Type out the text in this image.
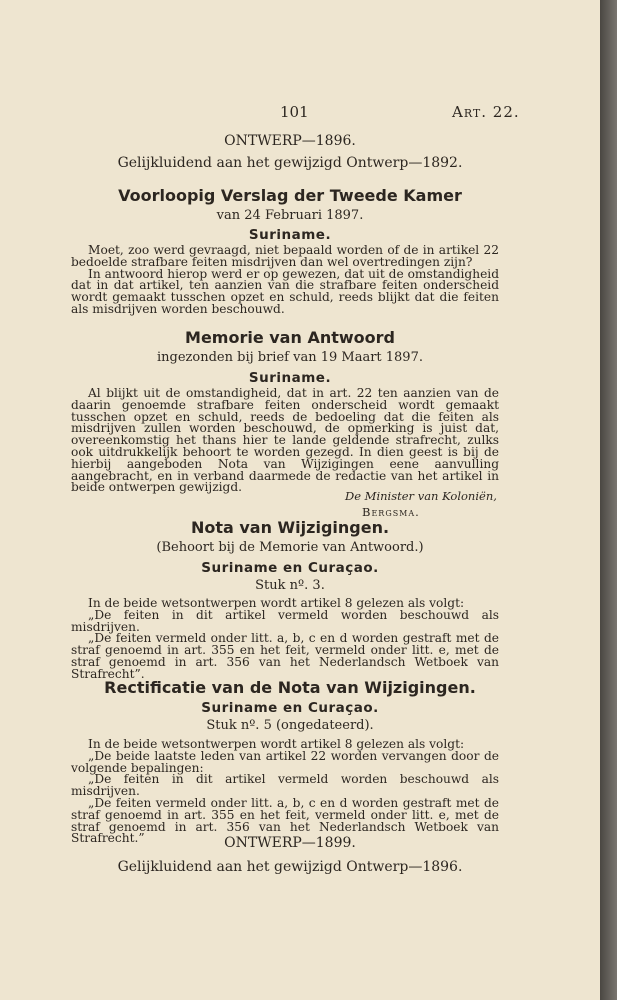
101	Art. 22.
ONTWERP—1896.
Gelijkluidend aan het gewijzigd Ontwerp—1892.
Voorloopig Verslag der Tweede Kamer
van 24 Februari 1897.
Suriname.

Moet, zoo werd gevraagd, niet bepaald worden of de in artikel 22 bedoelde strafbare feiten misdrijven dan wel overtredingen zijn?

In antwoord hierop werd er op gewezen, dat uit de omstandigheid dat in dat artikel, ten aanzien van die strafbare feiten onderscheid wordt gemaakt tusschen opzet en schuld, reeds blijkt dat die feiten als misdrijven worden beschouwd.

Memorie van Antwoord
ingezonden bij brief van 19 Maart 1897.
Suriname.

Al blijkt uit de omstandigheid, dat in art. 22 ten aanzien van de daarin genoemde strafbare feiten onderscheid wordt gemaakt tusschen opzet en schuld, reeds de bedoeling dat die feiten als misdrijven zullen worden beschouwd, de opmerking is juist dat, overeenkomstig het thans hier te lande geldende strafrecht, zulks ook uitdrukkelijk behoort te worden gezegd. In dien geest is bij de hierbij aangeboden Nota van Wijzigingen eene aanvulling aangebracht, en in verband daarmede de redactie van het artikel in beide ontwerpen gewijzigd.

De Minister van Koloniën,
Bergsma.
Nota van Wijzigingen.
(Behoort bij de Memorie van Antwoord.)
Suriname en Curaçao.
Stuk nº. 3.

In de beide wetsontwerpen wordt artikel 8 gelezen als volgt:

„De feiten in dit artikel vermeld worden beschouwd als misdrijven.

„De feiten vermeld onder litt. a, b, c en d worden gestraft met de straf genoemd in art. 355 en het feit, vermeld onder litt. e, met de straf genoemd in art. 356 van het Nederlandsch Wetboek van Strafrecht”.

Rectificatie van de Nota van Wijzigingen.
Suriname en Curaçao.
Stuk nº. 5 (ongedateerd).

In de beide wetsontwerpen wordt artikel 8 gelezen als volgt:

„De beide laatste leden van artikel 22 worden vervangen door de volgende bepalingen:

„De feiten in dit artikel vermeld worden beschouwd als misdrijven.

„De feiten vermeld onder litt. a, b, c en d worden gestraft met de straf genoemd in art. 355 en het feit, vermeld onder litt. e, met de straf genoemd in art. 356 van het Nederlandsch Wetboek van Strafrecht.”	ONTWERP—1899.
Gelijkluidend aan het gewijzigd Ontwerp—1896.
